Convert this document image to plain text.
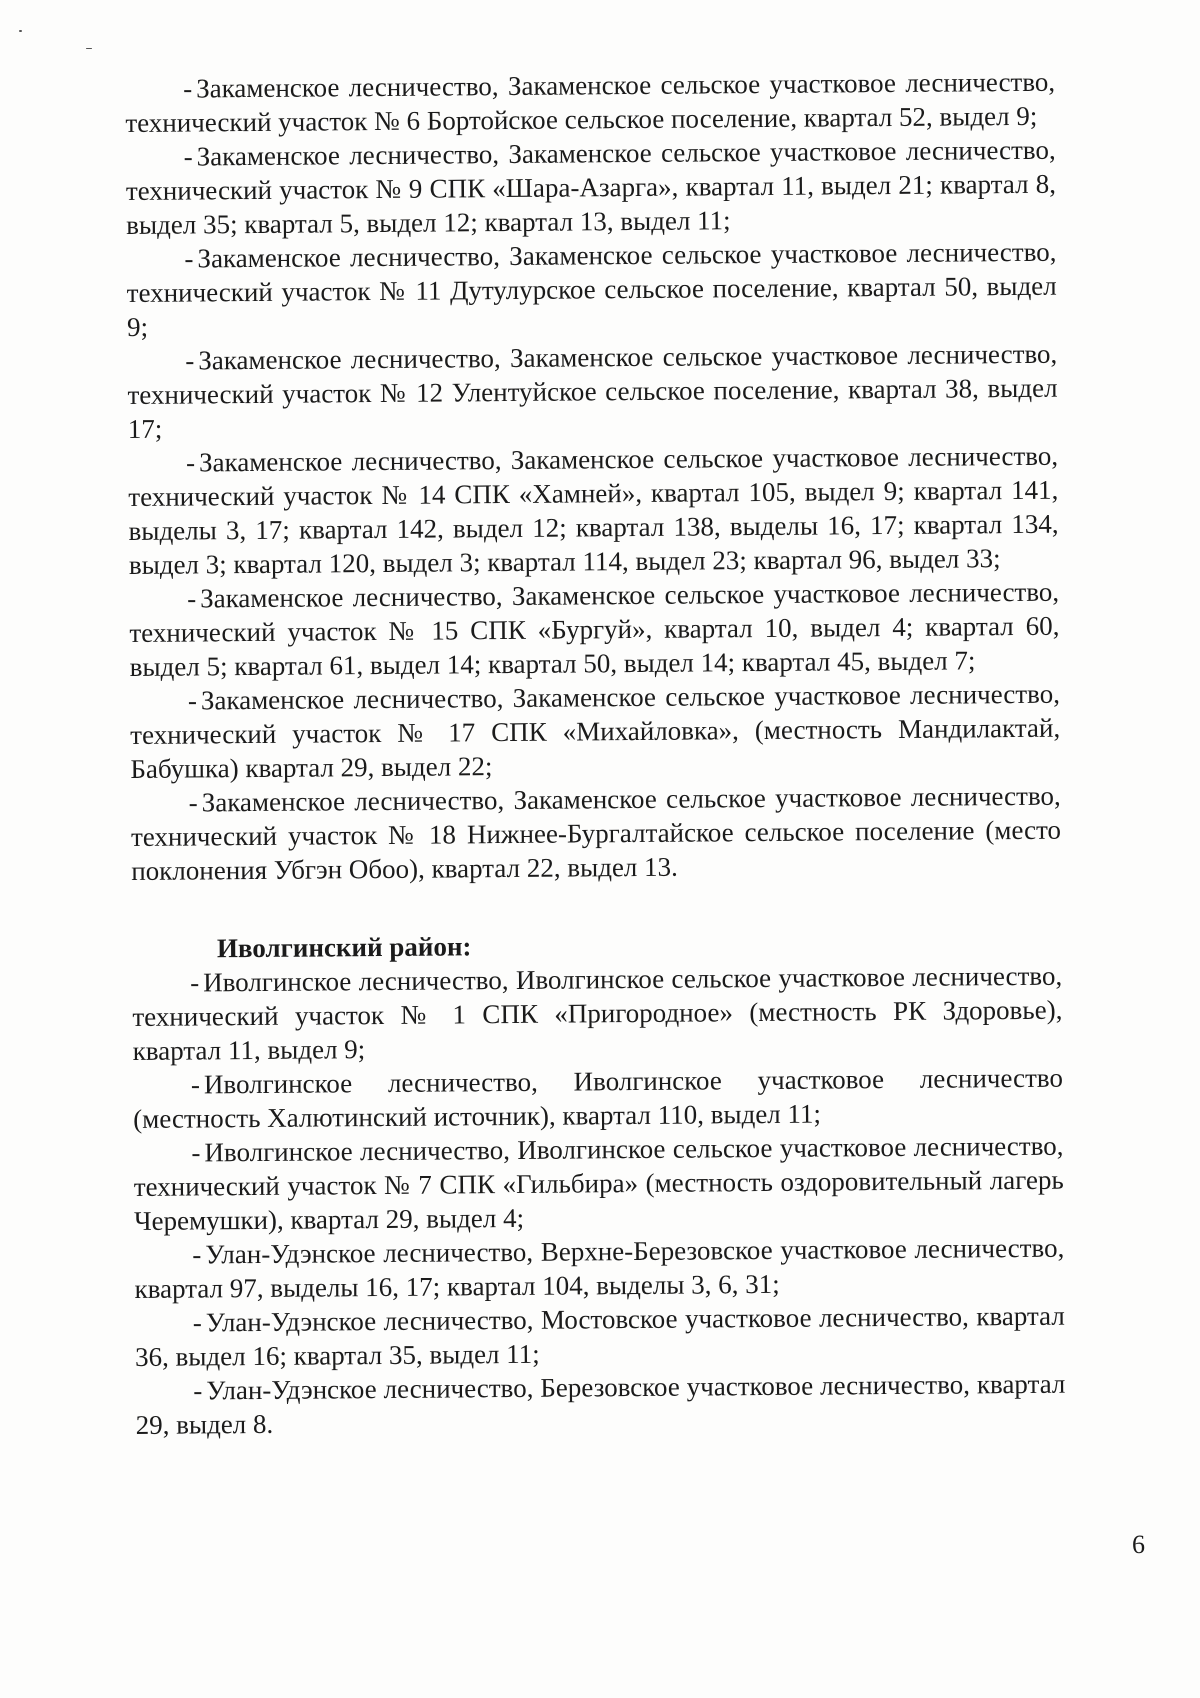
- Закаменское лесничество, Закаменское сельское участковое лесничество, технический участок № 6 Бортойское сельское поселение, квартал 52, выдел 9;

- Закаменское лесничество, Закаменское сельское участковое лесничество, технический участок № 9 СПК «Шара-Азарга», квартал 11, выдел 21; квартал 8, выдел 35; квартал 5, выдел 12; квартал 13, выдел 11;

- Закаменское лесничество, Закаменское сельское участковое лесничество, технический участок № 11 Дутулурское сельское поселение, квартал 50, выдел 9;

- Закаменское лесничество, Закаменское сельское участковое лесничество, технический участок № 12 Улентуйское сельское поселение, квартал 38, выдел 17;

- Закаменское лесничество, Закаменское сельское участковое лесничество, технический участок № 14 СПК «Хамней», квартал 105, выдел 9; квартал 141, выделы 3, 17; квартал 142, выдел 12; квартал 138, выделы 16, 17; квартал 134, выдел 3; квартал 120, выдел 3; квартал 114, выдел 23; квартал 96, выдел 33;

- Закаменское лесничество, Закаменское сельское участковое лесничество, технический участок № 15 СПК «Бургуй», квартал 10, выдел 4; квартал 60, выдел 5; квартал 61, выдел 14; квартал 50, выдел 14; квартал 45, выдел 7;

- Закаменское лесничество, Закаменское сельское участковое лесничество, технический участок № 17 СПК «Михайловка», (местность Мандилактай, Бабушка) квартал 29, выдел 22;

- Закаменское лесничество, Закаменское сельское участковое лесничество, технический участок № 18 Нижнее-Бургалтайское сельское поселение (место поклонения Убгэн Обоо), квартал 22, выдел 13.

Иволгинский район:

- Иволгинское лесничество, Иволгинское сельское участковое лесничество, технический участок № 1 СПК «Пригородное» (местность РК Здоровье), квартал 11, выдел 9;

- Иволгинское лесничество, Иволгинское участковое лесничество (местность Халютинский источник), квартал 110, выдел 11;

- Иволгинское лесничество, Иволгинское сельское участковое лесничество, технический участок № 7 СПК «Гильбира» (местность оздоровительный лагерь Черемушки), квартал 29, выдел 4;

- Улан-Удэнское лесничество, Верхне-Березовское участковое лесничество, квартал 97, выделы 16, 17; квартал 104, выделы 3, 6, 31;

- Улан-Удэнское лесничество, Мостовское участковое лесничество, квартал 36, выдел 16; квартал 35, выдел 11;

- Улан-Удэнское лесничество, Березовское участковое лесничество, квартал 29, выдел 8.

6
